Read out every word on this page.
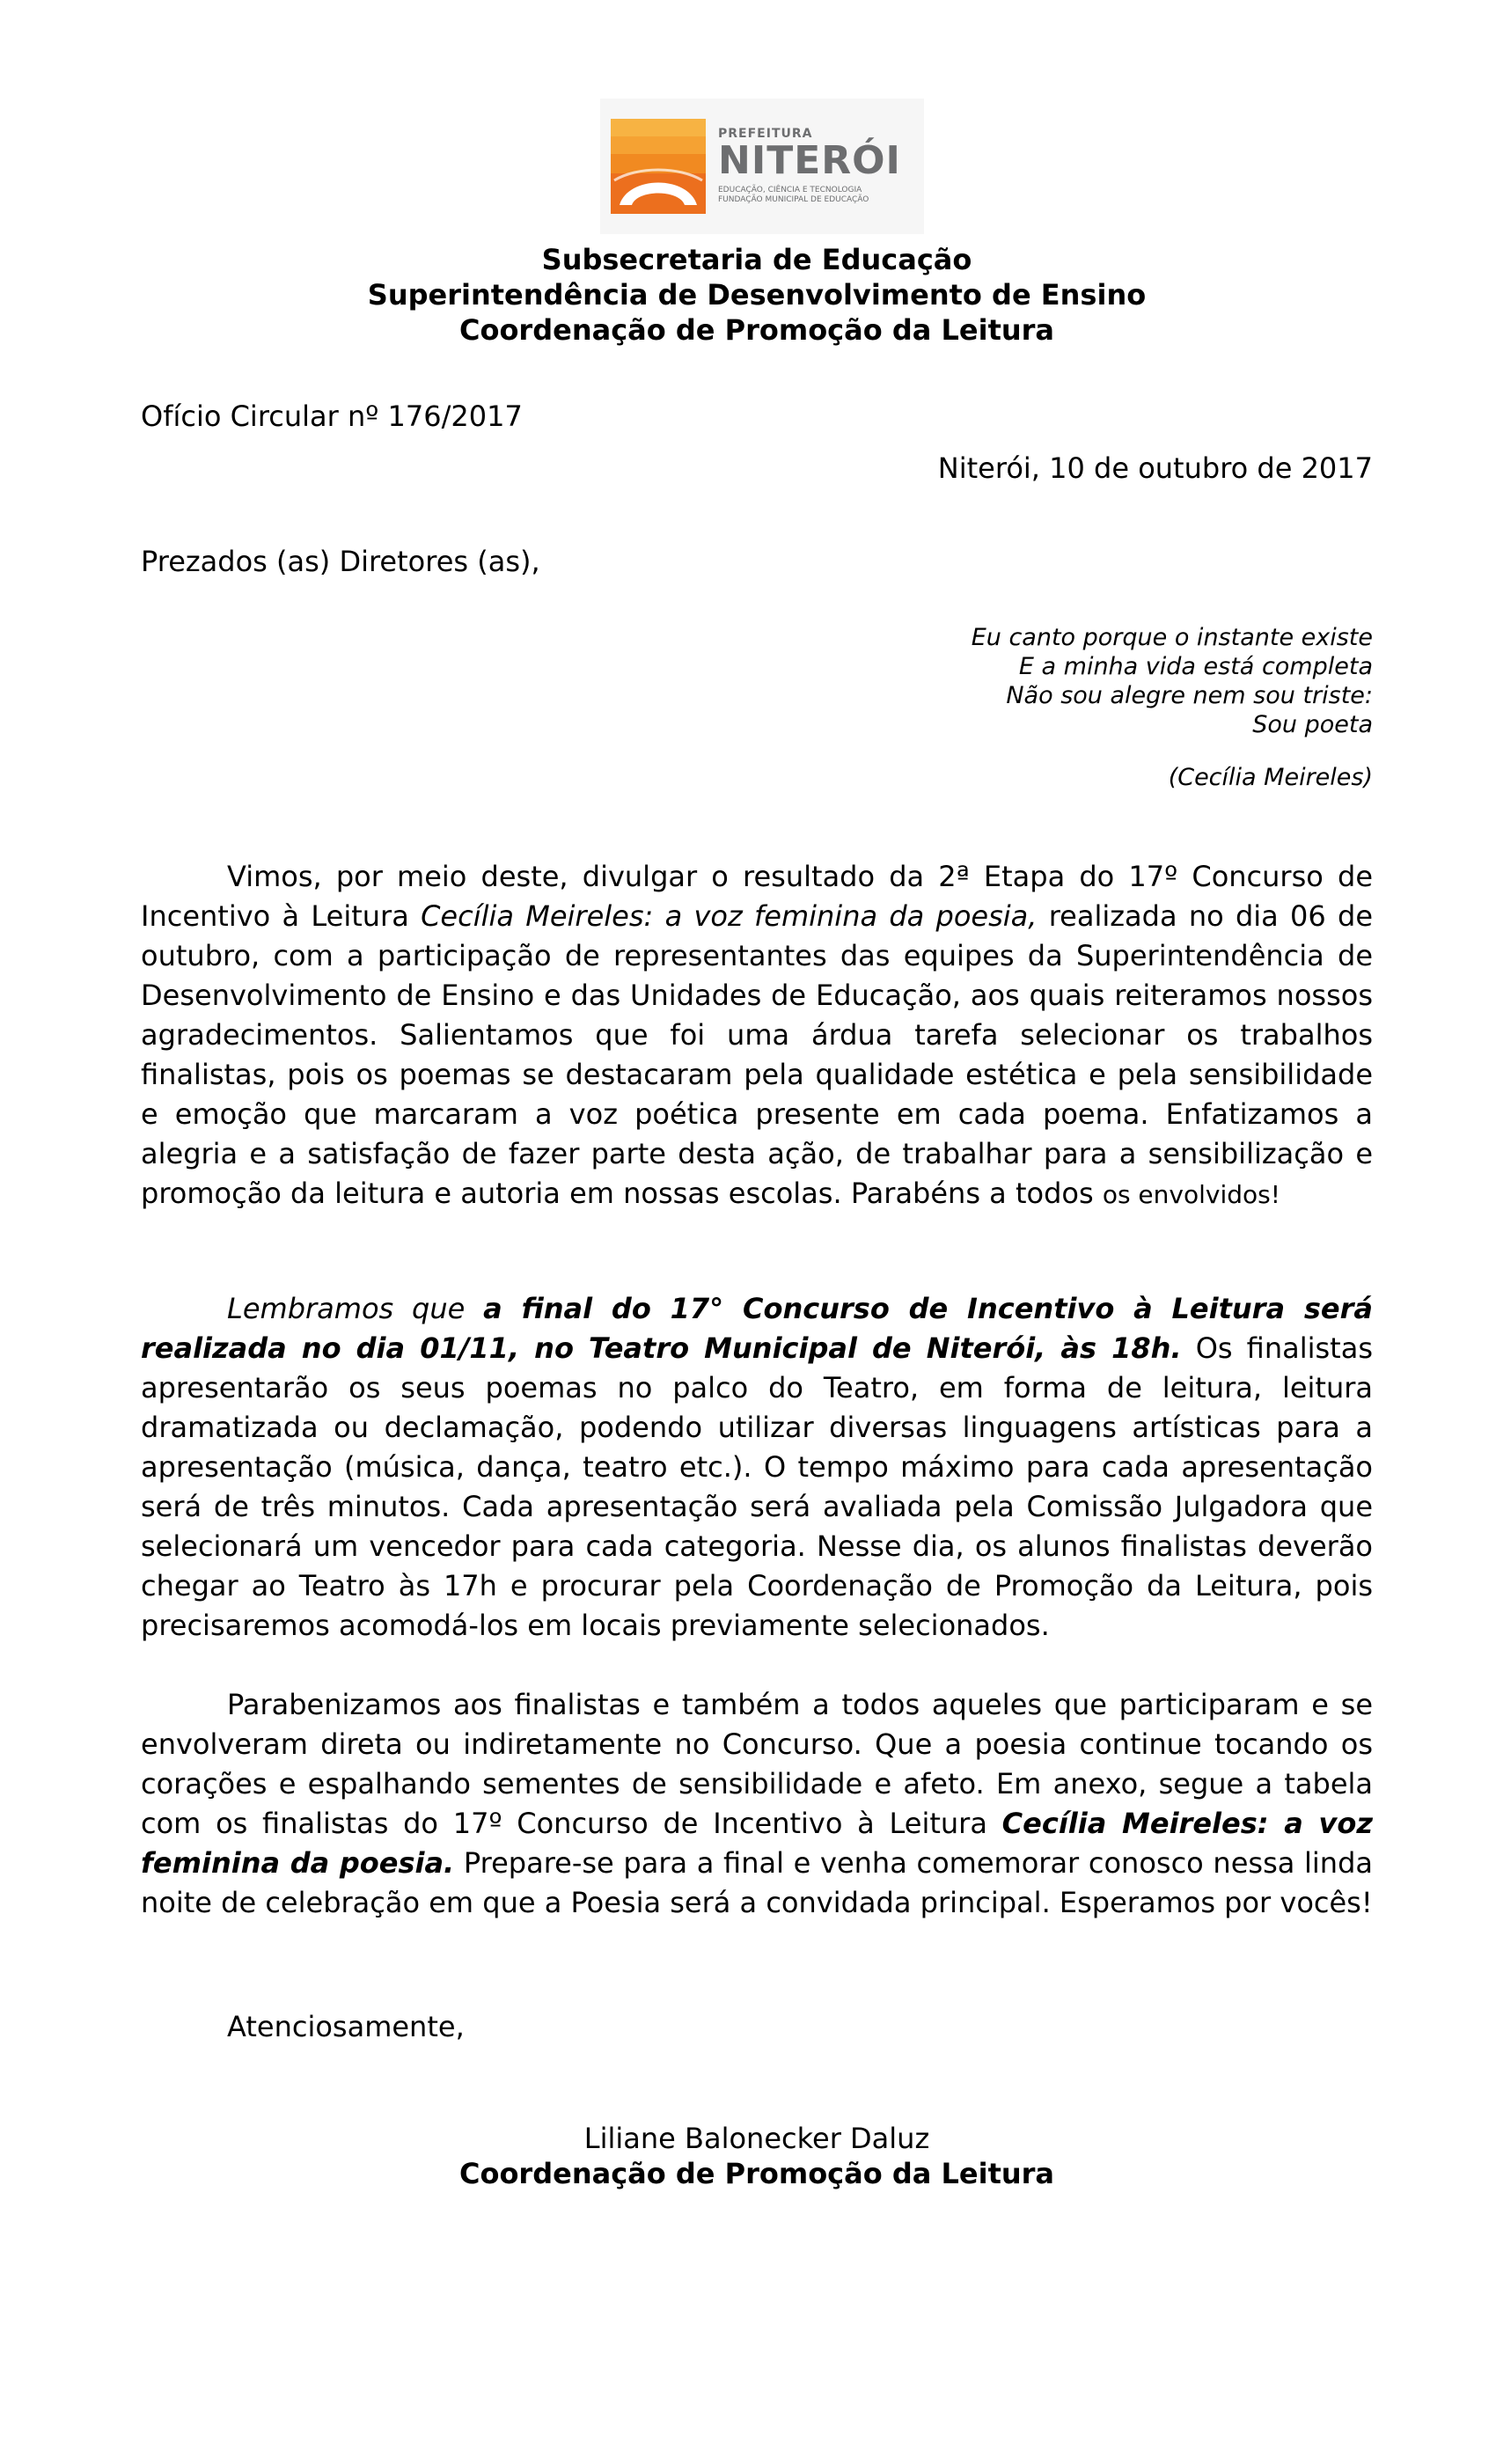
PREFEITURA
NITERÓI
EDUCAÇÃO, CIÊNCIA E TECNOLOGIA
FUNDAÇÃO MUNICIPAL DE EDUCAÇÃO
Subsecretaria de Educação
Superintendência de Desenvolvimento de Ensino
Coordenação de Promoção da Leitura
Ofício Circular nº 176/2017
Niterói, 10 de outubro de 2017
Prezados (as) Diretores (as),
Eu canto porque o instante existe
E a minha vida está completa
Não sou alegre nem sou triste:
Sou poeta
(Cecília Meireles)

Vimos, por meio deste, divulgar o resultado da 2ª Etapa do 17º Concurso de Incentivo à Leitura Cecília Meireles: a voz feminina da poesia, realizada no dia 06 de outubro, com a participação de representantes das equipes da Superintendência de Desenvolvimento de Ensino e das Unidades de Educação, aos quais reiteramos nossos agradecimentos. Salientamos que foi uma árdua tarefa selecionar os trabalhos finalistas, pois os poemas se destacaram pela qualidade estética e pela sensibilidade e emoção que marcaram a voz poética presente em cada poema. Enfatizamos a alegria e a satisfação de fazer parte desta ação, de trabalhar para a sensibilização e promoção da leitura e autoria em nossas escolas. Parabéns a todos os envolvidos!

Lembramos que a final do 17° Concurso de Incentivo à Leitura será realizada no dia 01/11, no Teatro Municipal de Niterói, às 18h. Os finalistas apresentarão os seus poemas no palco do Teatro, em forma de leitura, leitura dramatizada ou declamação, podendo utilizar diversas linguagens artísticas para a apresentação (música, dança, teatro etc.). O tempo máximo para cada apresentação será de três minutos. Cada apresentação será avaliada pela Comissão Julgadora que selecionará um vencedor para cada categoria. Nesse dia, os alunos finalistas deverão chegar ao Teatro às 17h e procurar pela Coordenação de Promoção da Leitura, pois precisaremos acomodá-los em locais previamente selecionados.

Parabenizamos aos finalistas e também a todos aqueles que participaram e se envolveram direta ou indiretamente no Concurso. Que a poesia continue tocando os corações e espalhando sementes de sensibilidade e afeto. Em anexo, segue a tabela com os finalistas do 17º Concurso de Incentivo à Leitura Cecília Meireles: a voz feminina da poesia. Prepare-se para a final e venha comemorar conosco nessa linda noite de celebração em que a Poesia será a convidada principal. Esperamos por vocês!

Atenciosamente,
Liliane Balonecker Daluz
Coordenação de Promoção da Leitura
